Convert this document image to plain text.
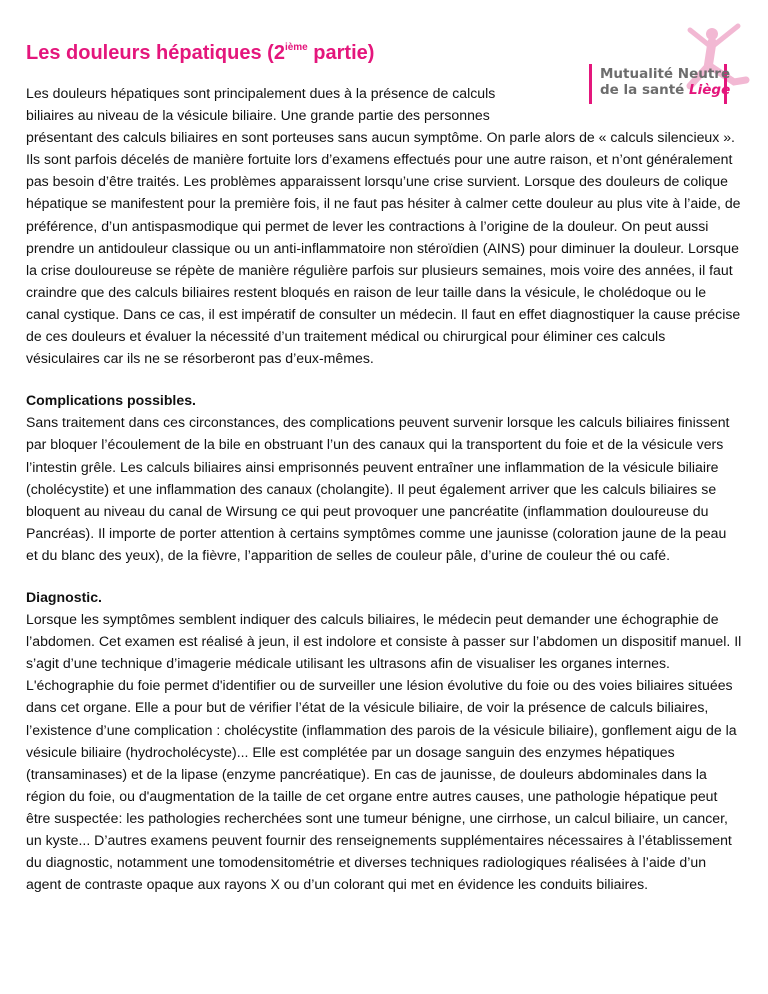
Mutualité Neutre
de la santé Liège
Les douleurs hépatiques (2ième partie)

Les douleurs hépatiques sont principalement dues à la présence de calculs

biliaires au niveau de la vésicule biliaire. Une grande partie des personnes

présentant des calculs biliaires en sont porteuses sans aucun symptôme. On parle alors de « calculs silencieux ». Ils sont parfois décelés de manière fortuite lors d’examens effectués pour une autre raison, et n’ont généralement pas besoin d’être traités. Les problèmes apparaissent lorsqu’une crise survient. Lorsque des douleurs de colique hépatique se manifestent pour la première fois, il ne faut pas hésiter à calmer cette douleur au plus vite à l’aide, de préférence, d’un antispasmodique qui permet de lever les contractions à l’origine de la douleur. On peut aussi prendre un antidouleur classique ou un anti-inflammatoire non stéroïdien (AINS) pour diminuer la douleur. Lorsque la crise douloureuse se répète de manière régulière parfois sur plusieurs semaines, mois voire des années, il faut craindre que des calculs biliaires restent bloqués en raison de leur taille dans la vésicule, le cholédoque ou le canal cystique. Dans ce cas, il est impératif de consulter un médecin. Il faut en effet diagnostiquer la cause précise de ces douleurs et évaluer la nécessité d’un traitement médical ou chirurgical pour éliminer ces calculs vésiculaires car ils ne se résorberont pas d’eux-mêmes.

Complications possibles.

Sans traitement dans ces circonstances, des complications peuvent survenir lorsque les calculs biliaires finissent par bloquer l’écoulement de la bile en obstruant l’un des canaux qui la transportent du foie et de la vésicule vers l’intestin grêle. Les calculs biliaires ainsi emprisonnés peuvent entraîner une inflammation de la vésicule biliaire (cholécystite) et une inflammation des canaux (cholangite). Il peut également arriver que les calculs biliaires se bloquent au niveau du canal de Wirsung ce qui peut provoquer une pancréatite (inflammation douloureuse du Pancréas). Il importe de porter attention à certains symptômes comme une jaunisse (coloration jaune de la peau et du blanc des yeux), de la fièvre, l’apparition de selles de couleur pâle, d’urine de couleur thé ou café.

Diagnostic.

Lorsque les symptômes semblent indiquer des calculs biliaires, le médecin peut demander une échographie de l’abdomen. Cet examen est réalisé à jeun, il est indolore et consiste à passer sur l’abdomen un dispositif manuel. Il s’agit d’une technique d’imagerie médicale utilisant les ultrasons afin de visualiser les organes internes. L'échographie du foie permet d'identifier ou de surveiller une lésion évolutive du foie ou des voies biliaires situées dans cet organe. Elle a pour but de vérifier l’état de la vésicule biliaire, de voir la présence de calculs biliaires, l’existence d’une complication : cholécystite (inflammation des parois de la vésicule biliaire), gonflement aigu de la vésicule biliaire (hydrocholécyste)... Elle est complétée par un dosage sanguin des enzymes hépatiques (transaminases) et de la lipase (enzyme pancréatique). En cas de jaunisse, de douleurs abdominales dans la région du foie, ou d'augmentation de la taille de cet organe entre autres causes, une pathologie hépatique peut être suspectée: les pathologies recherchées sont une tumeur bénigne, une cirrhose, un calcul biliaire, un cancer, un kyste... D’autres examens peuvent fournir des renseignements supplémentaires nécessaires à l’établissement du diagnostic, notamment une tomodensitométrie et diverses techniques radiologiques réalisées à l’aide d’un agent de contraste opaque aux rayons X ou d’un colorant qui met en évidence les conduits biliaires.
